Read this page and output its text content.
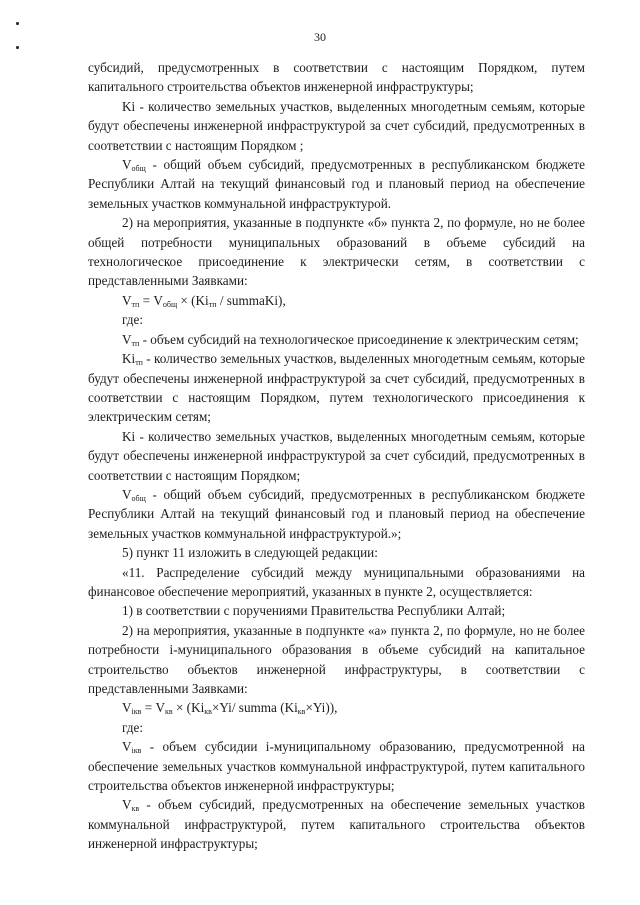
30

субсидий, предусмотренных в соответствии с настоящим Порядком, путем капитального строительства объектов инженерной инфраструктуры;

Ki - количество земельных участков, выделенных многодетным семьям, которые будут обеспечены инженерной инфраструктурой за счет субсидий, предусмотренных в соответствии с настоящим Порядком ;

$V_{общ}$ - общий объем субсидий, предусмотренных в республиканском бюджете Республики Алтай на текущий финансовый год и плановый период на обеспечение земельных участков коммунальной инфраструктурой.

2) на мероприятия, указанные в подпункте «б» пункта 2, по формуле, но не более общей потребности муниципальных образований в объеме субсидий на технологическое присоединение к электрически сетям, в соответствии с представленными Заявками:

$V_{тп} = V_{общ} \times (Ki_{тп}$ / summaKi),

где:

$V_{тп}$ - объем субсидий на технологическое присоединение к электрическим сетям;

$Ki_{тп}$ - количество земельных участков, выделенных многодетным семьям, которые будут обеспечены инженерной инфраструктурой за счет субсидий, предусмотренных в соответствии с настоящим Порядком, путем технологического присоединения к электрическим сетям;

Ki - количество земельных участков, выделенных многодетным семьям, которые будут обеспечены инженерной инфраструктурой за счет субсидий, предусмотренных в соответствии с настоящим Порядком;

$V_{общ}$ - общий объем субсидий, предусмотренных в республиканском бюджете Республики Алтай на текущий финансовый год и плановый период на обеспечение земельных участков коммунальной инфраструктурой.»;

5) пункт 11 изложить в следующей редакции:

«11. Распределение субсидий между муниципальными образованиями на финансовое обеспечение мероприятий, указанных в пункте 2, осуществляется:

1) в соответствии с поручениями Правительства Республики Алтай;

2) на мероприятия, указанные в подпункте «а» пункта 2, по формуле, но не более потребности i-муниципального образования в объеме субсидий на капитальное строительство объектов инженерной инфраструктуры, в соответствии с представленными Заявками:

$V_{iкв} = V_{кв} \times (Ki_{кв}\times Yi/$ summa $(Ki_{кв}\times Yi)$),

где:

$V_{iкв}$ - объем субсидии i-муниципальному образованию, предусмотренной на обеспечение земельных участков коммунальной инфраструктурой, путем капитального строительства объектов инженерной инфраструктуры;

$V_{кв}$ - объем субсидий, предусмотренных на обеспечение земельных участков коммунальной инфраструктурой, путем капитального строительства объектов инженерной инфраструктуры;
